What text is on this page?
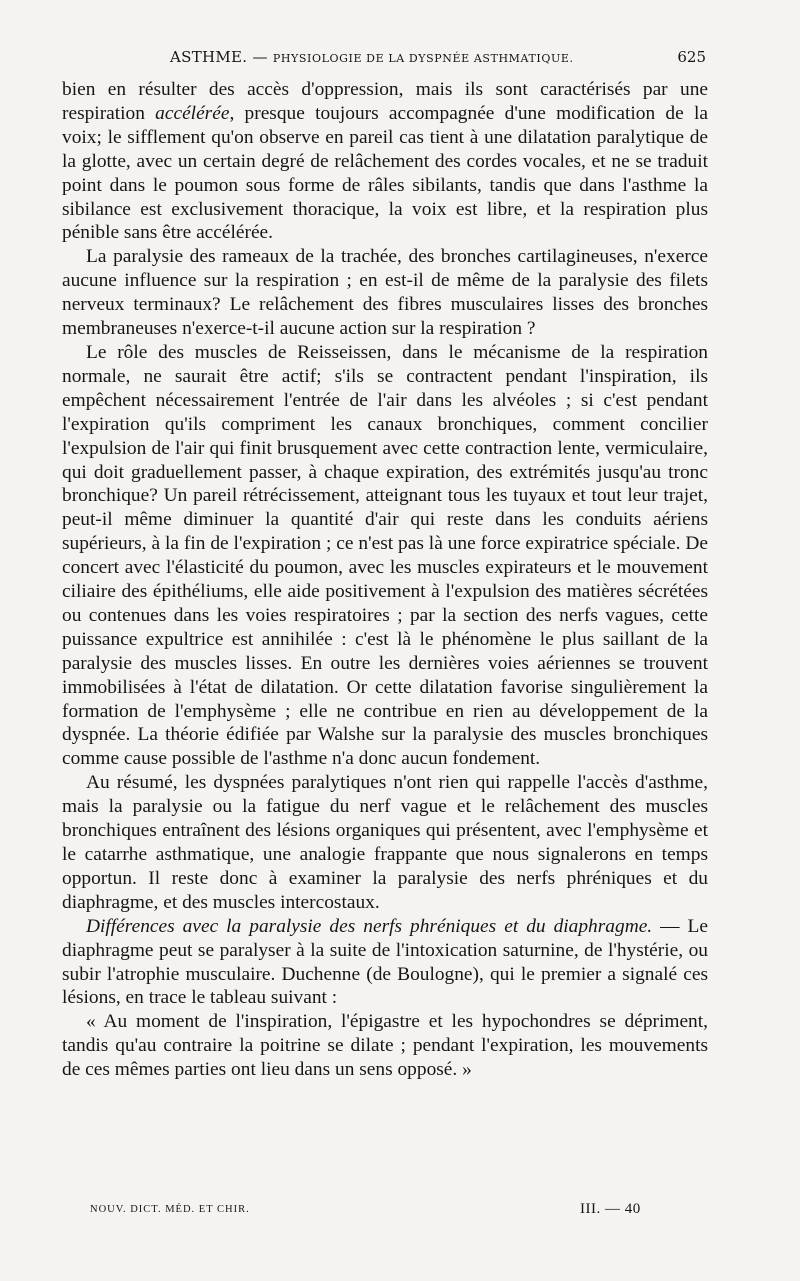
ASTHME. — PHYSIOLOGIE DE LA DYSPNÉE ASTHMATIQUE.	625

bien en résulter des accès d'oppression, mais ils sont caractérisés par une respiration accélérée, presque toujours accompagnée d'une modification de la voix; le sifflement qu'on observe en pareil cas tient à une dilatation paralytique de la glotte, avec un certain degré de relâchement des cordes vocales, et ne se traduit point dans le poumon sous forme de râles sibilants, tandis que dans l'asthme la sibilance est exclusivement thoracique, la voix est libre, et la respiration plus pénible sans être accélérée.

La paralysie des rameaux de la trachée, des bronches cartilagineuses, n'exerce aucune influence sur la respiration ; en est-il de même de la paralysie des filets nerveux terminaux? Le relâchement des fibres musculaires lisses des bronches membraneuses n'exerce-t-il aucune action sur la respiration ?

Le rôle des muscles de Reisseissen, dans le mécanisme de la respiration normale, ne saurait être actif; s'ils se contractent pendant l'inspiration, ils empêchent nécessairement l'entrée de l'air dans les alvéoles ; si c'est pendant l'expiration qu'ils compriment les canaux bronchiques, comment concilier l'expulsion de l'air qui finit brusquement avec cette contraction lente, vermiculaire, qui doit graduellement passer, à chaque expiration, des extrémités jusqu'au tronc bronchique? Un pareil rétrécissement, atteignant tous les tuyaux et tout leur trajet, peut-il même diminuer la quantité d'air qui reste dans les conduits aériens supérieurs, à la fin de l'expiration ; ce n'est pas là une force expiratrice spéciale. De concert avec l'élasticité du poumon, avec les muscles expirateurs et le mouvement ciliaire des épithéliums, elle aide positivement à l'expulsion des matières sécrétées ou contenues dans les voies respiratoires ; par la section des nerfs vagues, cette puissance expultrice est annihilée : c'est là le phénomène le plus saillant de la paralysie des muscles lisses. En outre les dernières voies aériennes se trouvent immobilisées à l'état de dilatation. Or cette dilatation favorise singulièrement la formation de l'emphysème ; elle ne contribue en rien au développement de la dyspnée. La théorie édifiée par Walshe sur la paralysie des muscles bronchiques comme cause possible de l'asthme n'a donc aucun fondement.

Au résumé, les dyspnées paralytiques n'ont rien qui rappelle l'accès d'asthme, mais la paralysie ou la fatigue du nerf vague et le relâchement des muscles bronchiques entraînent des lésions organiques qui présentent, avec l'emphysème et le catarrhe asthmatique, une analogie frappante que nous signalerons en temps opportun. Il reste donc à examiner la paralysie des nerfs phréniques et du diaphragme, et des muscles intercostaux.

Différences avec la paralysie des nerfs phréniques et du diaphragme. — Le diaphragme peut se paralyser à la suite de l'intoxication saturnine, de l'hystérie, ou subir l'atrophie musculaire. Duchenne (de Boulogne), qui le premier a signalé ces lésions, en trace le tableau suivant :

« Au moment de l'inspiration, l'épigastre et les hypochondres se dépriment, tandis qu'au contraire la poitrine se dilate ; pendant l'expiration, les mouvements de ces mêmes parties ont lieu dans un sens opposé. »

NOUV. DICT. MÉD. ET CHIR.	III. — 40
